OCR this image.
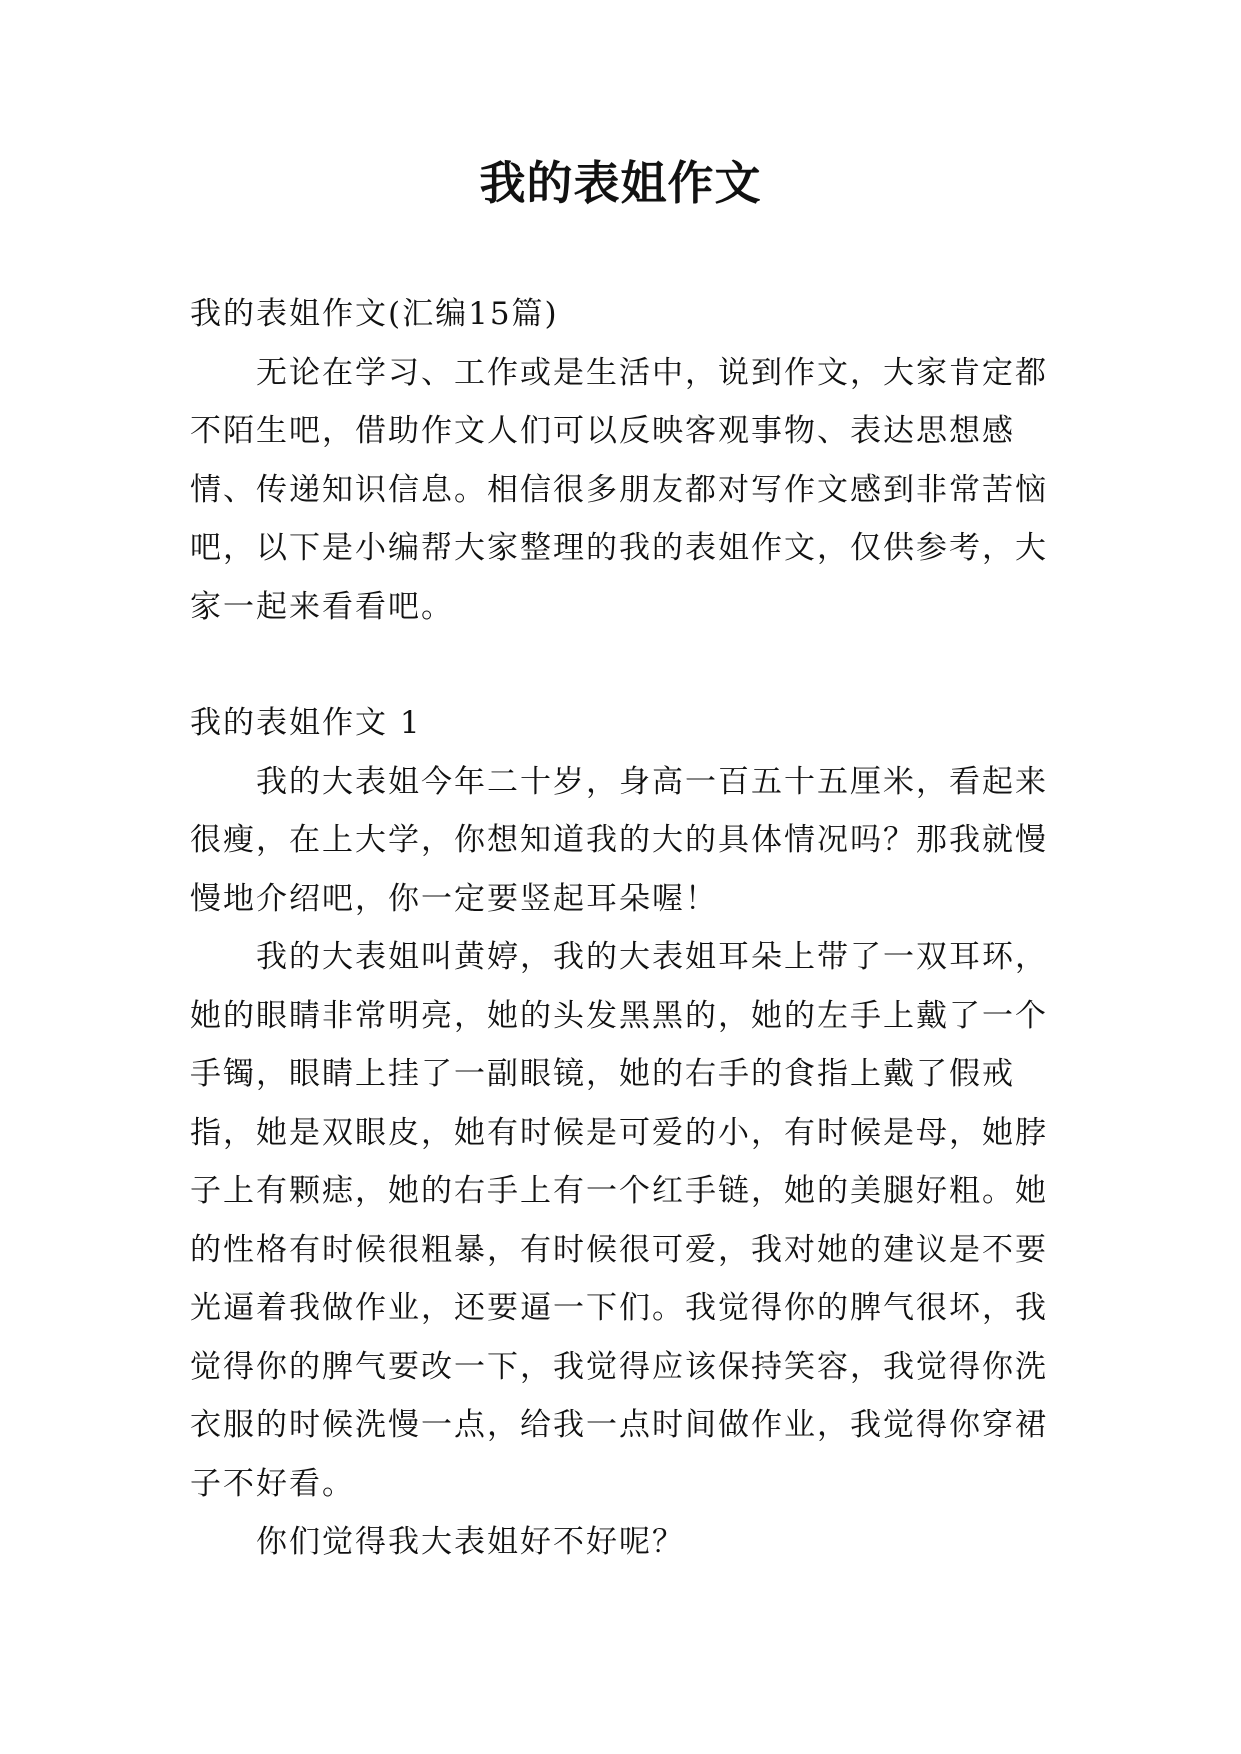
我的表姐作文

我的表姐作文(汇编15篇)

无论在学习、工作或是生活中，说到作文，大家肯定都不陌生吧，借助作文人们可以反映客观事物、表达思想感情、传递知识信息。相信很多朋友都对写作文感到非常苦恼吧，以下是小编帮大家整理的我的表姐作文，仅供参考，大家一起来看看吧。

我的表姐作文 1

我的大表姐今年二十岁，身高一百五十五厘米，看起来很瘦，在上大学，你想知道我的大的具体情况吗？那我就慢慢地介绍吧，你一定要竖起耳朵喔！

我的大表姐叫黄婷，我的大表姐耳朵上带了一双耳环，她的眼睛非常明亮，她的头发黑黑的，她的左手上戴了一个手镯，眼睛上挂了一副眼镜，她的右手的食指上戴了假戒指，她是双眼皮，她有时候是可爱的小，有时候是母，她脖子上有颗痣，她的右手上有一个红手链，她的美腿好粗。她的性格有时候很粗暴，有时候很可爱，我对她的建议是不要光逼着我做作业，还要逼一下们。我觉得你的脾气很坏，我觉得你的脾气要改一下，我觉得应该保持笑容，我觉得你洗衣服的时候洗慢一点，给我一点时间做作业，我觉得你穿裙子不好看。

你们觉得我大表姐好不好呢？
